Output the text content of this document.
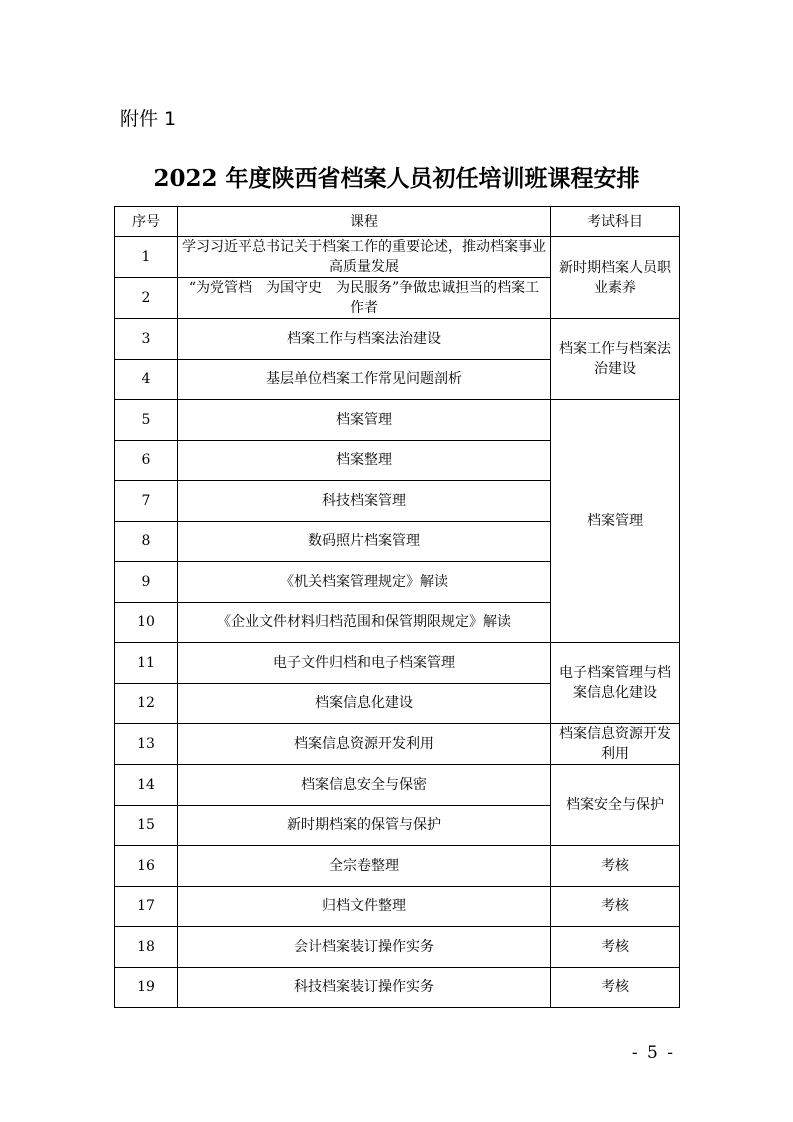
附件 1
2022 年度陕西省档案人员初任培训班课程安排
序号	课程	考试科目
1	学习习近平总书记关于档案工作的重要论述，推动档案事业高质量发展	新时期档案人员职业素养
2	“为党管档　为国守史　为民服务”争做忠诚担当的档案工作者	
3	档案工作与档案法治建设	档案工作与档案法治建设
4	基层单位档案工作常见问题剖析	
5	档案管理	档案管理
6	档案整理	
7	科技档案管理	
8	数码照片档案管理	
9	《机关档案管理规定》解读	
10	《企业文件材料归档范围和保管期限规定》解读	
11	电子文件归档和电子档案管理	电子档案管理与档案信息化建设
12	档案信息化建设	
13	档案信息资源开发利用	档案信息资源开发利用
14	档案信息安全与保密	档案安全与保护
15	新时期档案的保管与保护	
16	全宗卷整理	考核
17	归档文件整理	考核
18	会计档案装订操作实务	考核
19	科技档案装订操作实务	考核
- 5 -
